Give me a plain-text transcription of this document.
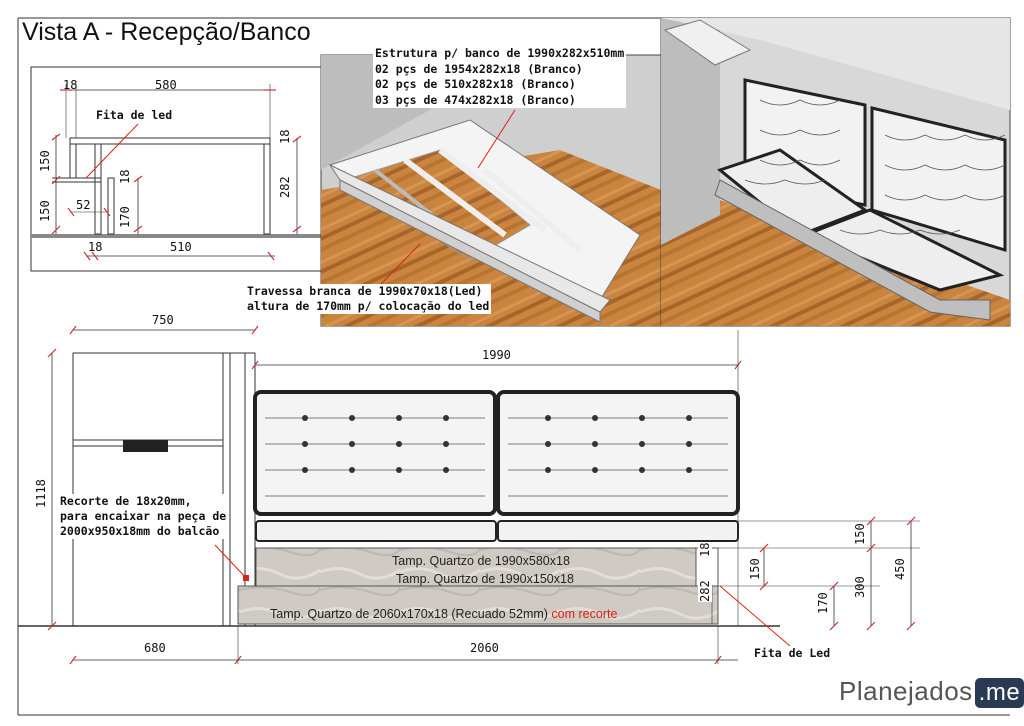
Vista A - Recepção/Banco
18	580
18	510
150
150 52
170
18
18
282
Fita de led
Estrutura p/ banco de 1990x282x510mm
02 pçs de 1954x282x18 (Branco)
02 pçs de 510x282x18 (Branco)
03 pçs de 474x282x18 (Branco)
Travessa branca de 1990x70x18(Led)
altura de 170mm p/ colocação do led
750
1990
1118
680	2060
18
282
150
150
300
450
170
Recorte de 18x20mm,
para encaixar na peça de
2000x950x18mm do balcão
Tamp. Quartzo de 1990x580x18
Tamp. Quartzo de 1990x150x18
Tamp. Quartzo de 2060x170x18 (Recuado 52mm) com recorte
Fita de Led
Planejados .me
